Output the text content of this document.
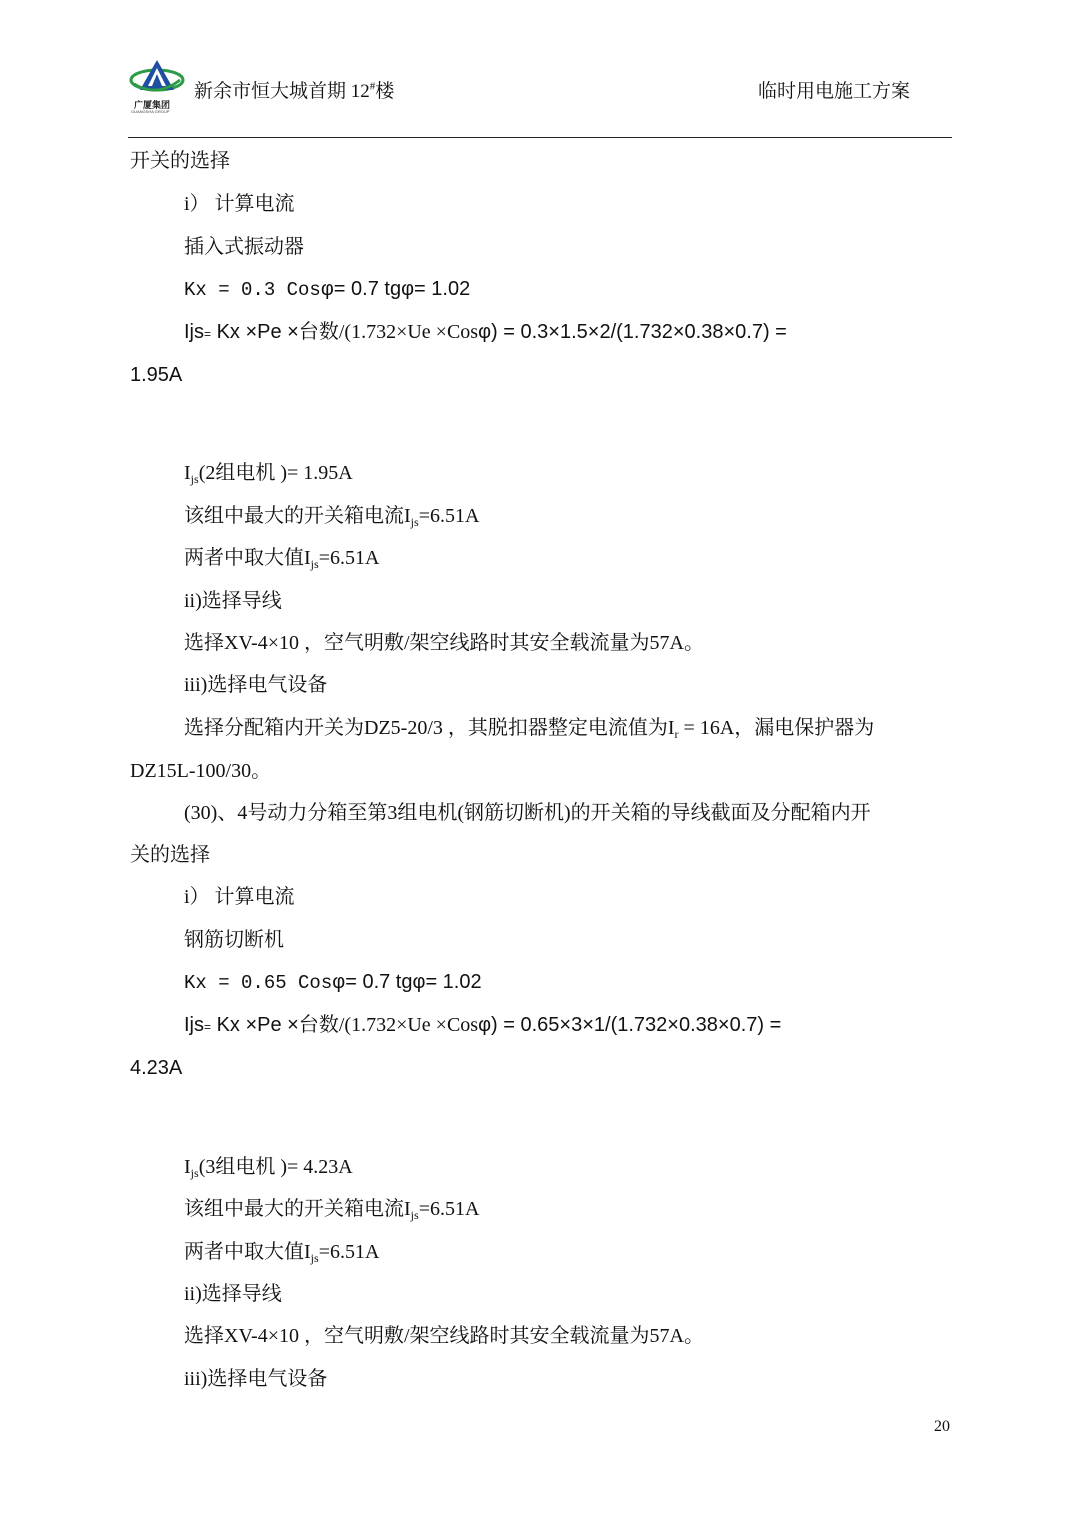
广厦集团
GUANGSHA GROUP
新余市恒大城首期 12#楼	临时用电施工方案
开关的选择
i） 计算电流
插入式振动器
Kx = 0.3 Cosφ= 0.7 tgφ= 1.02
Ijs= Kx ×Pe ×台数/(1.732×Ue ×Cosφ) = 0.3×1.5×2/(1.732×0.38×0.7) =
1.95A
$I_{js}(2$组电机 )= 1.95A
该组中最大的开关箱电流$I_{js}=6.51A$
两者中取大值$I_{js}=6.51A$
ii)选择导线
选择XV-4×10 ，空气明敷/架空线路时其安全载流量为57A。
iii)选择电气设备
选择分配箱内开关为DZ5-20/3 ，其脱扣器整定电流值为$I_r = 16A$，漏电保护器为
DZ15L-100/30。
(30)、4号动力分箱至第3组电机(钢筋切断机)的开关箱的导线截面及分配箱内开
关的选择
i） 计算电流
钢筋切断机
Kx = 0.65 Cosφ= 0.7 tgφ= 1.02
Ijs= Kx ×Pe ×台数/(1.732×Ue ×Cosφ) = 0.65×3×1/(1.732×0.38×0.7) =
4.23A
$I_{js}(3$组电机 )= 4.23A
该组中最大的开关箱电流$I_{js}=6.51A$
两者中取大值$I_{js}=6.51A$
ii)选择导线
选择XV-4×10 ，空气明敷/架空线路时其安全载流量为57A。
iii)选择电气设备
20
